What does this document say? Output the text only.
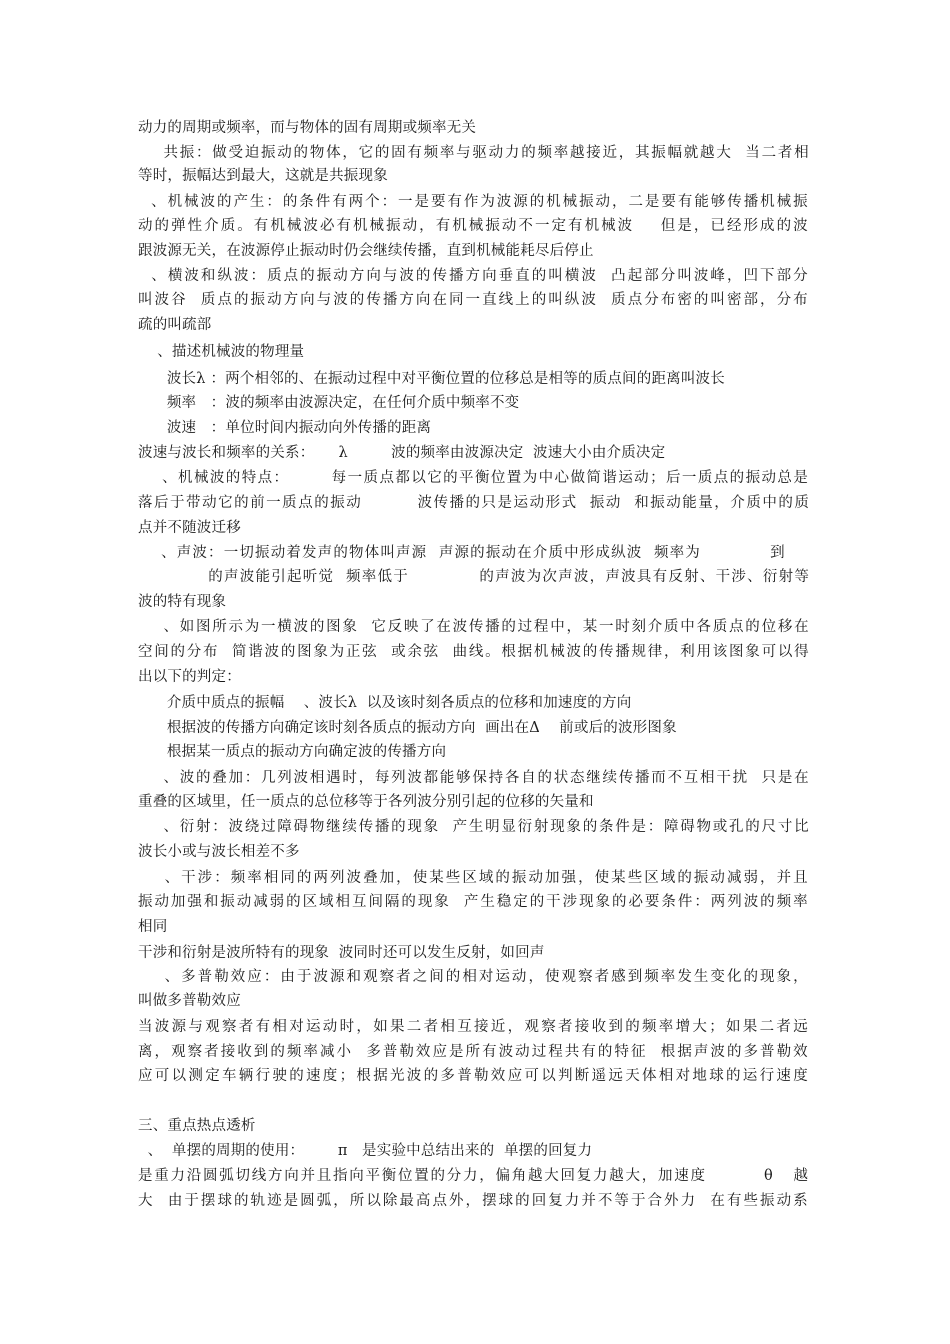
动力的周期或频率，而与物体的固有周期或频率无关
共振：做受迫振动的物体，它的固有频率与驱动力的频率越接近，其振幅就越大  当二者相
等时，振幅达到最大，这就是共振现象
、机械波的产生：的条件有两个：一是要有作为波源的机械振动，二是要有能够传播机械振
动的弹性介质。有机械波必有机械振动，有机械振动不一定有机械波    但是，已经形成的波
跟波源无关，在波源停止振动时仍会继续传播，直到机械能耗尽后停止
、横波和纵波：质点的振动方向与波的传播方向垂直的叫横波  凸起部分叫波峰，凹下部分
叫波谷  质点的振动方向与波的传播方向在同一直线上的叫纵波  质点分布密的叫密部，分布
疏的叫疏部
、描述机械波的物理量
波长λ ：两个相邻的、在振动过程中对平衡位置的位移总是相等的质点间的距离叫波长
频率   ：波的频率由波源决定，在任何介质中频率不变
波速   ：单位时间内振动向外传播的距离
波速与波长和频率的关系：     λ         波的频率由波源决定  波速大小由介质决定
、机械波的特点：       每一质点都以它的平衡位置为中心做简谐运动；后一质点的振动总是
落后于带动它的前一质点的振动         波传播的只是运动形式  振动  和振动能量，介质中的质
点并不随波迁移
、声波：一切振动着发声的物体叫声源  声源的振动在介质中形成纵波  频率为            到
的声波能引起听觉  频率低于            的声波为次声波，声波具有反射、干涉、衍射等
波的特有现象
、如图所示为一横波的图象  它反映了在波传播的过程中，某一时刻介质中各质点的位移在
空间的分布  简谐波的图象为正弦  或余弦  曲线。根据机械波的传播规律，利用该图象可以得
出以下的判定：
介质中质点的振幅    、波长λ  以及该时刻各质点的位移和加速度的方向
根据波的传播方向确定该时刻各质点的振动方向  画出在Δ    前或后的波形图象
根据某一质点的振动方向确定波的传播方向
、波的叠加：几列波相遇时，每列波都能够保持各自的状态继续传播而不互相干扰  只是在
重叠的区域里，任一质点的总位移等于各列波分别引起的位移的矢量和
、衍射：波绕过障碍物继续传播的现象  产生明显衍射现象的条件是：障碍物或孔的尺寸比
波长小或与波长相差不多
、干涉：频率相同的两列波叠加，使某些区域的振动加强，使某些区域的振动减弱，并且
振动加强和振动减弱的区域相互间隔的现象  产生稳定的干涉现象的必要条件：两列波的频率
相同
干涉和衍射是波所特有的现象  波同时还可以发生反射，如回声
、多普勒效应：由于波源和观察者之间的相对运动，使观察者感到频率发生变化的现象，
叫做多普勒效应
当波源与观察者有相对运动时，如果二者相互接近，观察者接收到的频率增大；如果二者远
离，观察者接收到的频率减小  多普勒效应是所有波动过程共有的特征  根据声波的多普勒效
应可以测定车辆行驶的速度；根据光波的多普勒效应可以判断遥远天体相对地球的运行速度
三、重点热点透析
、  单摆的周期的使用：       π   是实验中总结出来的  单摆的回复力
是重力沿圆弧切线方向并且指向平衡位置的分力，偏角越大回复力越大，加速度         θ   越
大  由于摆球的轨迹是圆弧，所以除最高点外，摆球的回复力并不等于合外力  在有些振动系
